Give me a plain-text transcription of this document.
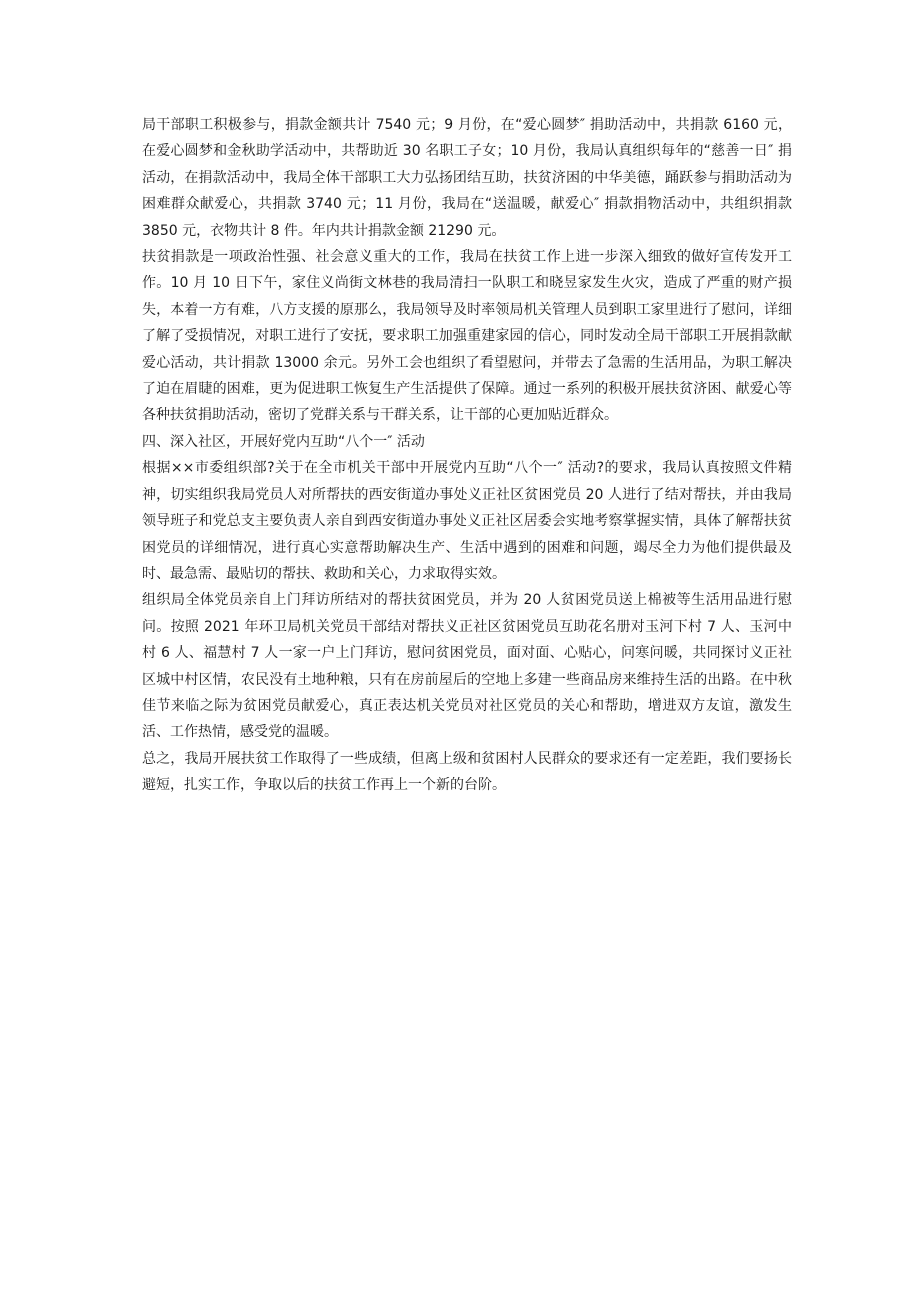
局干部职工积极参与，捐款金额共计 7540 元；9 月份，在“爱心圆梦″ 捐助活动中，共捐款 6160 元，在爱心圆梦和金秋助学活动中，共帮助近 30 名职工子女；10 月份，我局认真组织每年的“慈善一日″ 捐活动，在捐款活动中，我局全体干部职工大力弘扬团结互助，扶贫济困的中华美德，踊跃参与捐助活动为困难群众献爱心，共捐款 3740 元；11 月份，我局在“送温暖，献爱心″ 捐款捐物活动中，共组织捐款 3850 元，衣物共计 8 件。年内共计捐款金额 21290 元。

扶贫捐款是一项政治性强、社会意义重大的工作，我局在扶贫工作上进一步深入细致的做好宣传发开工作。10 月 10 日下午，家住义尚街文林巷的我局清扫一队职工和晓昱家发生火灾，造成了严重的财产损失，本着一方有难，八方支援的原那么，我局领导及时率领局机关管理人员到职工家里进行了慰问，详细了解了受损情况，对职工进行了安抚，要求职工加强重建家园的信心，同时发动全局干部职工开展捐款献爱心活动，共计捐款 13000 余元。另外工会也组织了看望慰问，并带去了急需的生活用品，为职工解决了迫在眉睫的困难，更为促进职工恢复生产生活提供了保障。通过一系列的积极开展扶贫济困、献爱心等各种扶贫捐助活动，密切了党群关系与干群关系，让干部的心更加贴近群众。

四、深入社区，开展好党内互助“八个一″ 活动

根据××市委组织部?关于在全市机关干部中开展党内互助“八个一″ 活动?的要求，我局认真按照文件精神，切实组织我局党员人对所帮扶的西安街道办事处义正社区贫困党员 20 人进行了结对帮扶，并由我局领导班子和党总支主要负责人亲自到西安街道办事处义正社区居委会实地考察掌握实情，具体了解帮扶贫困党员的详细情况，进行真心实意帮助解决生产、生活中遇到的困难和问题，竭尽全力为他们提供最及时、最急需、最贴切的帮扶、救助和关心，力求取得实效。

组织局全体党员亲自上门拜访所结对的帮扶贫困党员，并为 20 人贫困党员送上棉被等生活用品进行慰问。按照 2021 年环卫局机关党员干部结对帮扶义正社区贫困党员互助花名册对玉河下村 7 人、玉河中村 6 人、福慧村 7 人一家一户上门拜访，慰问贫困党员，面对面、心贴心，问寒问暖，共同探讨义正社区城中村区情，农民没有土地种粮，只有在房前屋后的空地上多建一些商品房来维持生活的出路。在中秋佳节来临之际为贫困党员献爱心，真正表达机关党员对社区党员的关心和帮助，增进双方友谊，激发生活、工作热情，感受党的温暖。

总之，我局开展扶贫工作取得了一些成绩，但离上级和贫困村人民群众的要求还有一定差距，我们要扬长避短，扎实工作，争取以后的扶贫工作再上一个新的台阶。
